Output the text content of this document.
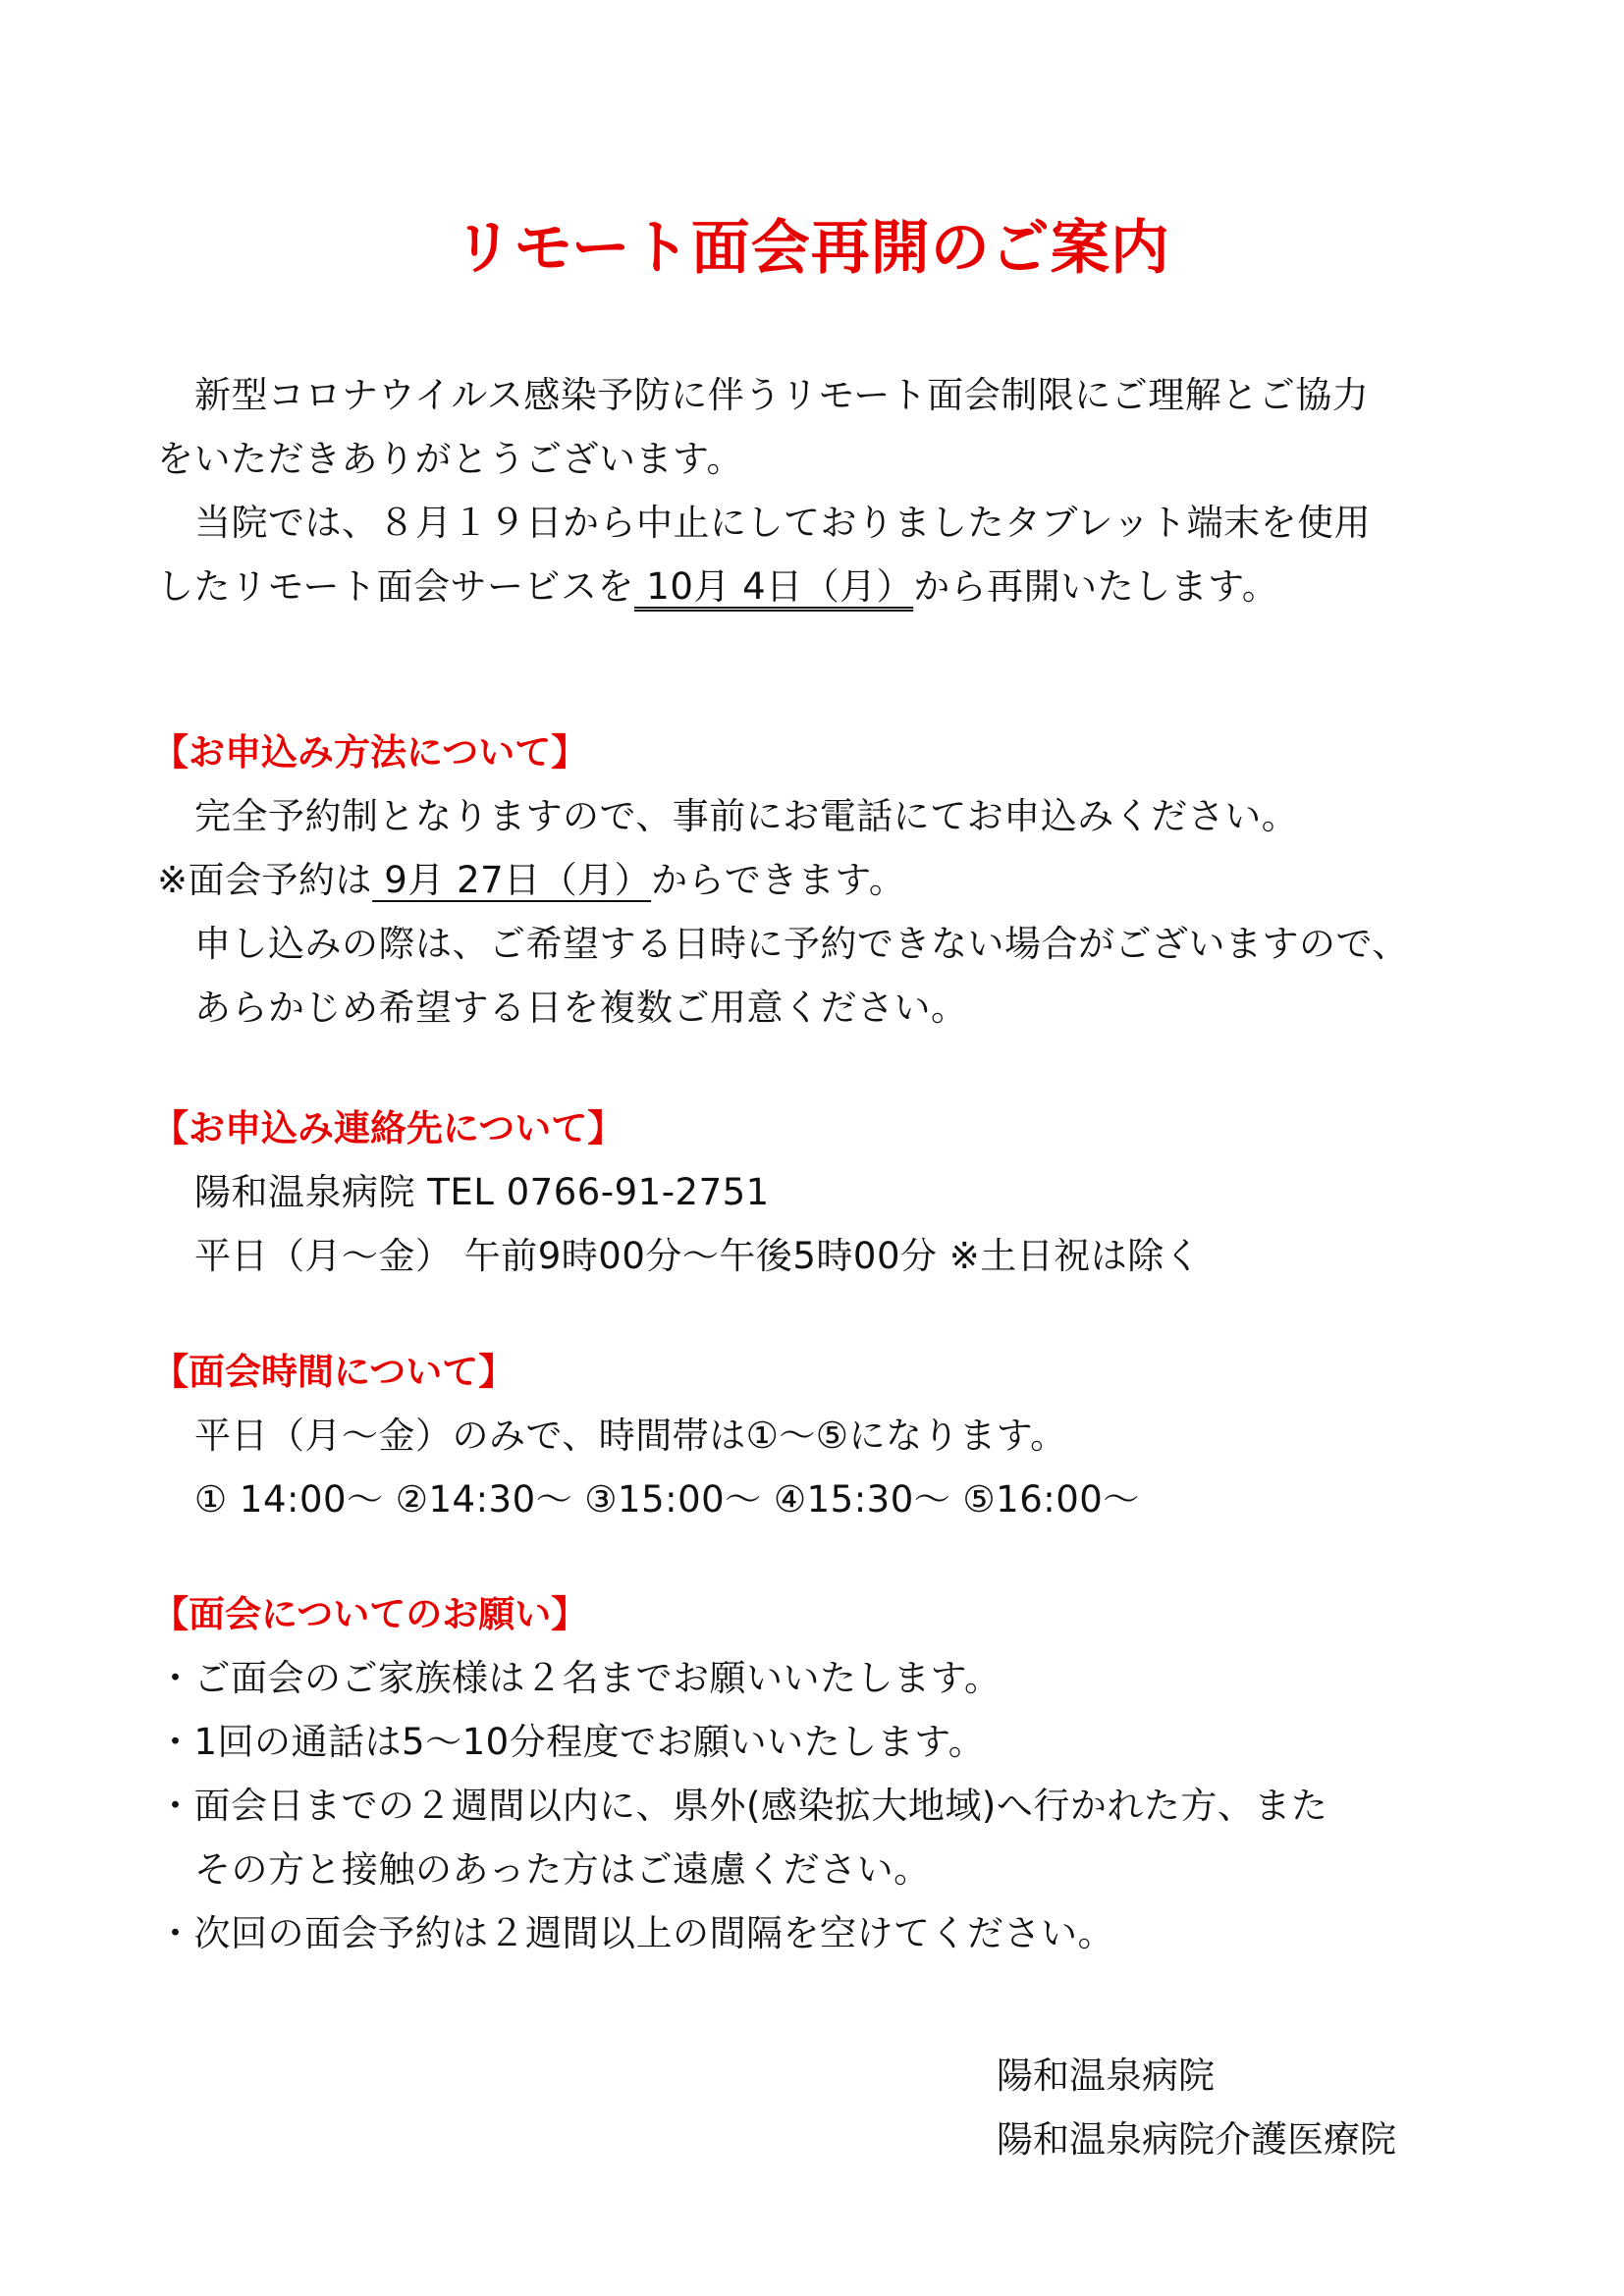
リモート面会再開のご案内
新型コロナウイルス感染予防に伴うリモート面会制限にご理解とご協力
をいただきありがとうございます。
当院では、８月１９日から中止にしておりましたタブレット端末を使用
したリモート面会サービスを 10月 4日（月）から再開いたします。
【お申込み方法について】
完全予約制となりますので、事前にお電話にてお申込みください。
※面会予約は 9月 27日（月）からできます。
申し込みの際は、ご希望する日時に予約できない場合がございますので、
あらかじめ希望する日を複数ご用意ください。
【お申込み連絡先について】
陽和温泉病院 TEL 0766-91-2751
平日（月～金） 午前9時00分～午後5時00分 ※土日祝は除く
【面会時間について】
平日（月～金）のみで、時間帯は①～⑤になります。
① 14:00～ ②14:30～ ③15:00～ ④15:30～ ⑤16:00～
【面会についてのお願い】
・ご面会のご家族様は２名までお願いいたします。
・1回の通話は5～10分程度でお願いいたします。
・面会日までの２週間以内に、県外(感染拡大地域)へ行かれた方、また
その方と接触のあった方はご遠慮ください。
・次回の面会予約は２週間以上の間隔を空けてください。
陽和温泉病院
陽和温泉病院介護医療院
